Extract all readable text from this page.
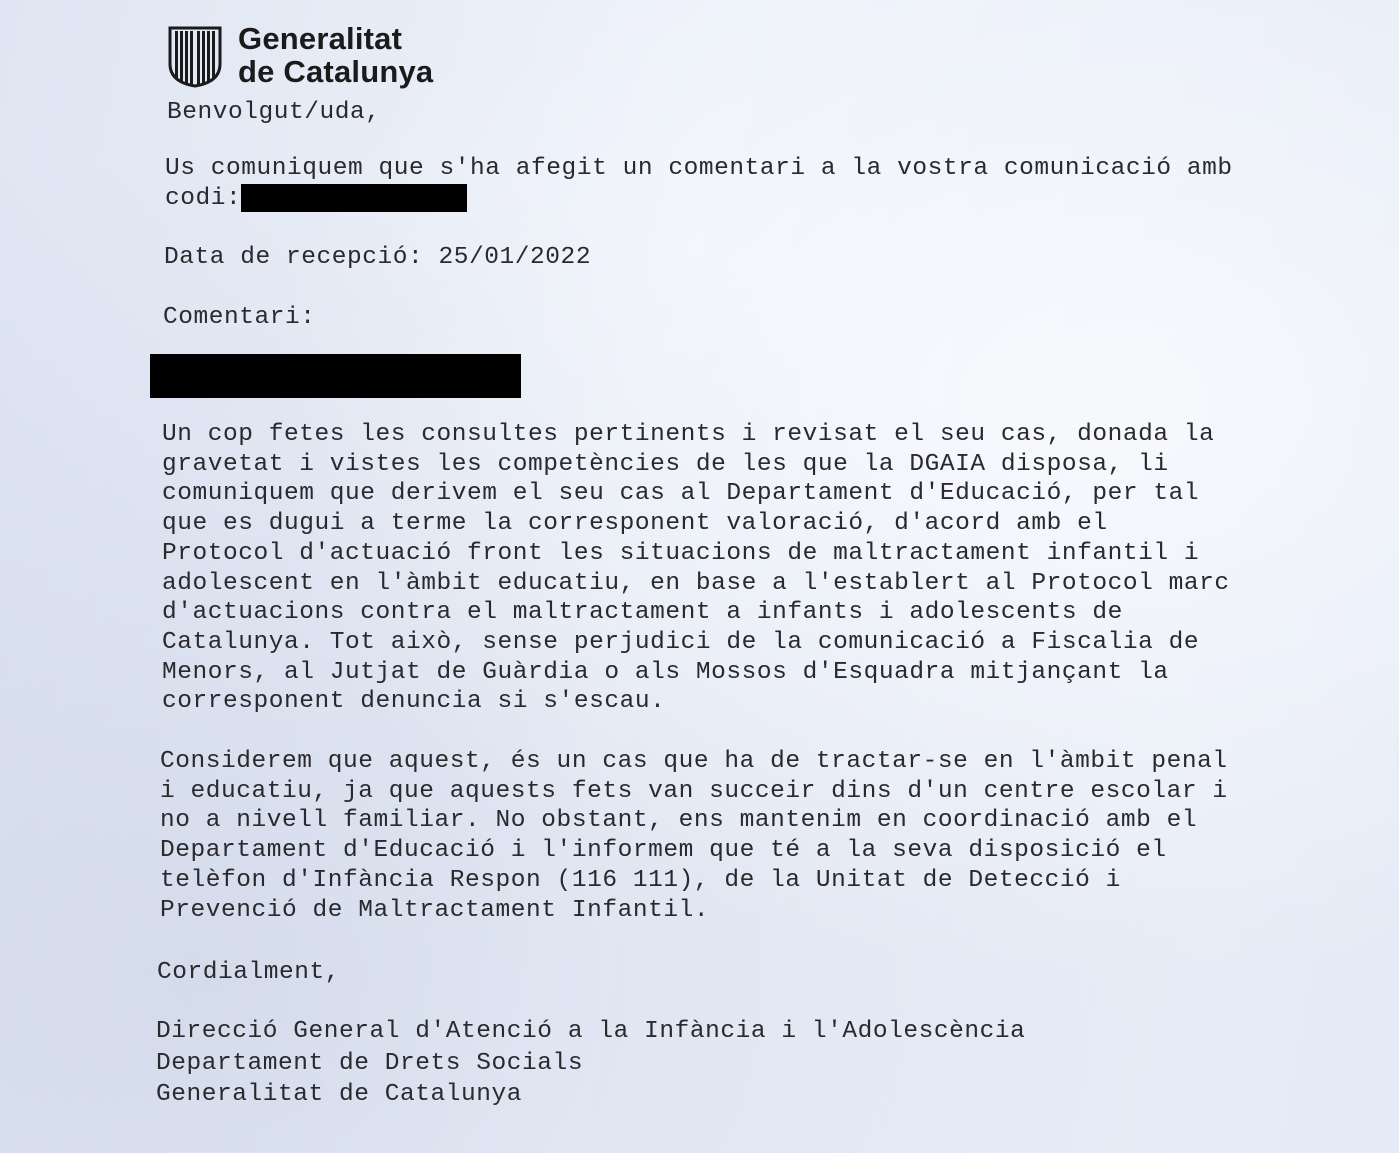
Generalitat
de Catalunya
Benvolgut/uda,
Us comuniquem que s'ha afegit un comentari a la vostra comunicació amb
codi:
Data de recepció: 25/01/2022
Comentari:
Un cop fetes les consultes pertinents i revisat el seu cas, donada la
gravetat i vistes les competències de les que la DGAIA disposa, li
comuniquem que derivem el seu cas al Departament d'Educació, per tal
que es dugui a terme la corresponent valoració, d'acord amb el
Protocol d'actuació front les situacions de maltractament infantil i
adolescent en l'àmbit educatiu, en base a l'establert al Protocol marc
d'actuacions contra el maltractament a infants i adolescents de
Catalunya. Tot això, sense perjudici de la comunicació a Fiscalia de
Menors, al Jutjat de Guàrdia o als Mossos d'Esquadra mitjançant la
corresponent denuncia si s'escau.
Considerem que aquest, és un cas que ha de tractar-se en l'àmbit penal
i educatiu, ja que aquests fets van succeir dins d'un centre escolar i
no a nivell familiar. No obstant, ens mantenim en coordinació amb el
Departament d'Educació i l'informem que té a la seva disposició el
telèfon d'Infància Respon (116 111), de la Unitat de Detecció i
Prevenció de Maltractament Infantil.
Cordialment,
Direcció General d'Atenció a la Infància i l'Adolescència
Departament de Drets Socials
Generalitat de Catalunya
